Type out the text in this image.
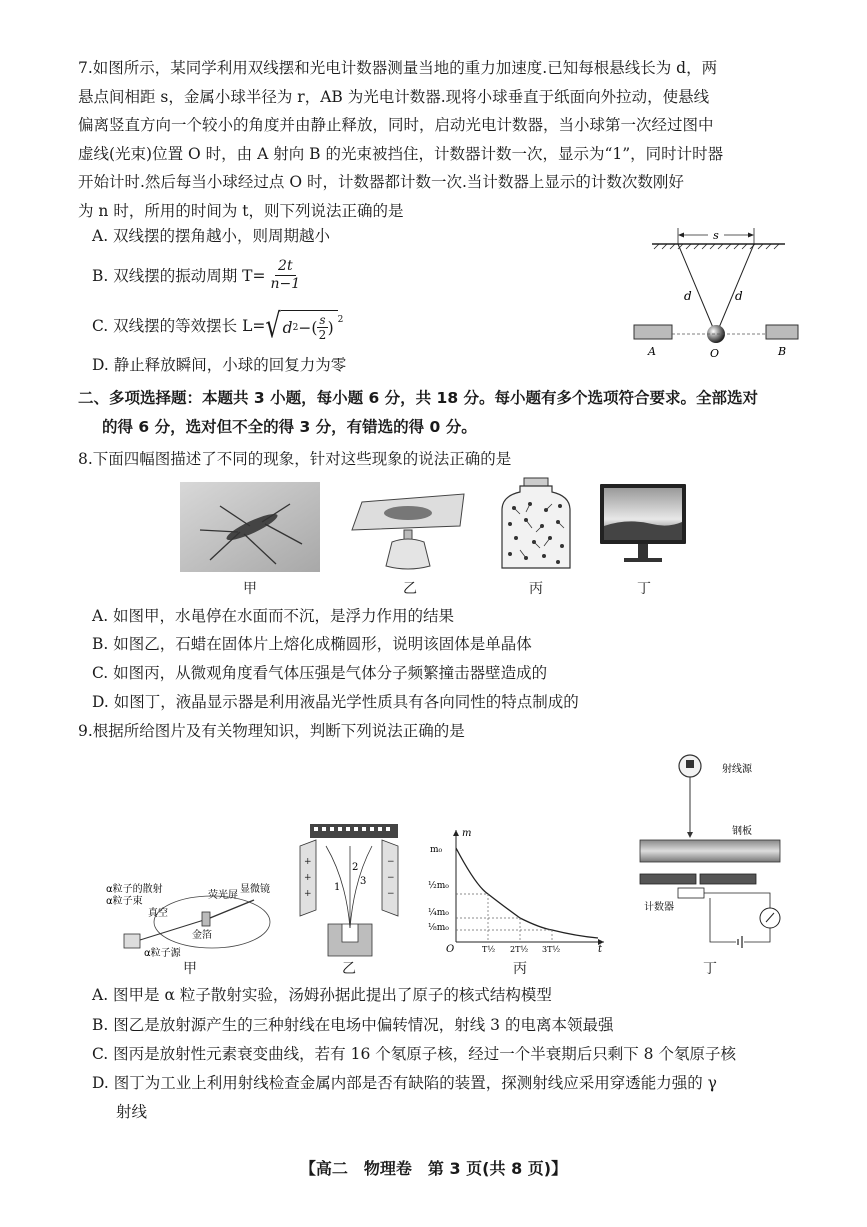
7.如图所示，某同学利用双线摆和光电计数器测量当地的重力加速度.已知每根悬线长为 d，两
悬点间相距 s，金属小球半径为 r，AB 为光电计数器.现将小球垂直于纸面向外拉动，使悬线
偏离竖直方向一个较小的角度并由静止释放，同时，启动光电计数器，当小球第一次经过图中
虚线(光束)位置 O 时，由 A 射向 B 的光束被挡住，计数器计数一次，显示为“1”，同时计时器
开始计时.然后每当小球经过点 O 时，计数器都计数一次.当计数器上显示的计数次数刚好
为 n 时，所用的时间为 t，则下列说法正确的是
A. 双线摆的摆角越小，则周期越小
B. 双线摆的振动周期 $T= \frac{2t}{n-1}$
C. 双线摆的等效摆长 L= √ d 2 −( $\frac{s}{2}$ ) $^2$
D. 静止释放瞬间，小球的回复力为零
s
d	d
A	O	B
二、多项选择题：本题共 3 小题，每小题 6 分，共 18 分。每小题有多个选项符合要求。全部选对
的得 6 分，选对但不全的得 3 分，有错选的得 0 分。
8.下面四幅图描述了不同的现象，针对这些现象的说法正确的是
甲	乙	丙	丁
A. 如图甲，水黾停在水面而不沉，是浮力作用的结果
B. 如图乙，石蜡在固体片上熔化成椭圆形，说明该固体是单晶体
C. 如图丙，从微观角度看气体压强是气体分子频繁撞击器壁造成的
D. 如图丁，液晶显示器是利用液晶光学性质具有各向同性的特点制成的
9.根据所给图片及有关物理知识，判断下列说法正确的是
α粒子的散射
α粒子束
真空
金箔
α粒子源
荧光屏
显微镜
甲
+
+
+
−
−
−
1
2
3
乙
m
t
O
m₀
½m₀
¼m₀
⅛m₀
T½ 2T½ 3T½
丙
射线源
钢板
计数器
丁
A. 图甲是 α 粒子散射实验，汤姆孙据此提出了原子的核式结构模型
B. 图乙是放射源产生的三种射线在电场中偏转情况，射线 3 的电离本领最强
C. 图丙是放射性元素衰变曲线，若有 16 个氡原子核，经过一个半衰期后只剩下 8 个氡原子核
D. 图丁为工业上利用射线检查金属内部是否有缺陷的装置，探测射线应采用穿透能力强的 γ
射线
【高二　物理卷　第 3 页(共 8 页)】
